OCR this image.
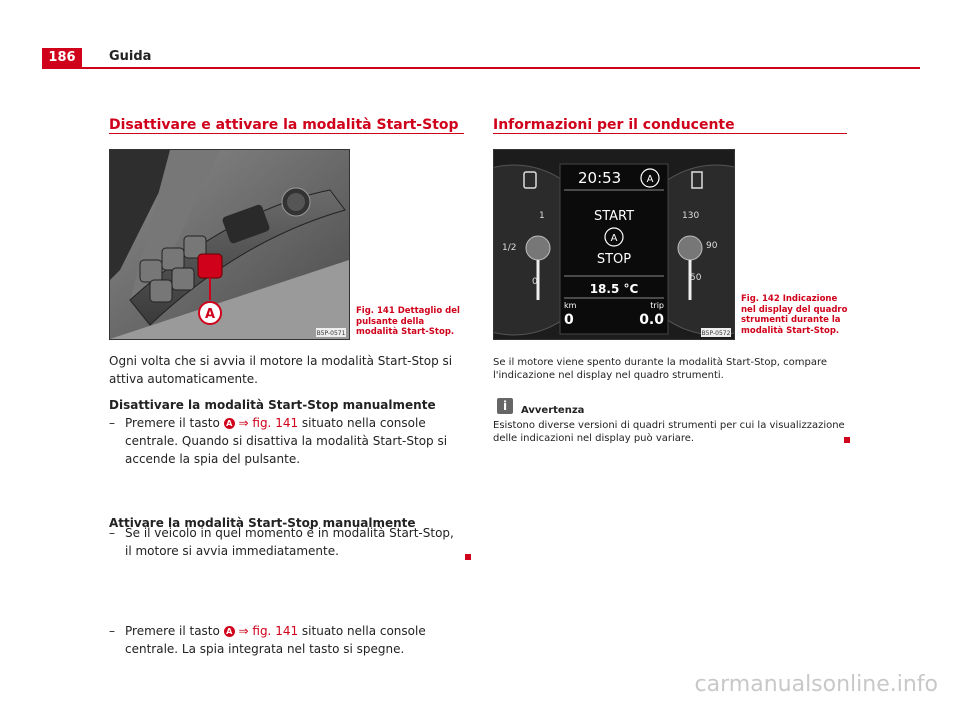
186	Guida
Disattivare e attivare la modalità Start-Stop
A
B5P-0571
Fig. 141 Dettaglio del pulsante della modalità Start-Stop.
Ogni volta che si avvia il motore la modalità Start-Stop si attiva automaticamente.
Disattivare la modalità Start-Stop manualmente
– Premere il tasto A ⇒ fig. 141 situato nella console centrale. Quando si disattiva la modalità Start-Stop si accende la spia del pulsante.
– Se il veicolo in quel momento è in modalità Start-Stop, il motore si avvia immediatamente.
Attivare la modalità Start-Stop manualmente
– Premere il tasto A ⇒ fig. 141 situato nella console centrale. La spia integrata nel tasto si spegne.
Informazioni per il conducente
1
1/2
0
130
90
50
20:53	A
START
A
STOP
18.5 °C
km	trip
0	0.0
B5P-0572
Fig. 142 Indicazione nel display del quadro strumenti durante la modalità Start-Stop.
Se il motore viene spento durante la modalità Start-Stop, compare l'indicazione nel display nel quadro strumenti.
i	Avvertenza
Esistono diverse versioni di quadri strumenti per cui la visualizzazione delle indicazioni nel display può variare.
carmanualsonline.info
